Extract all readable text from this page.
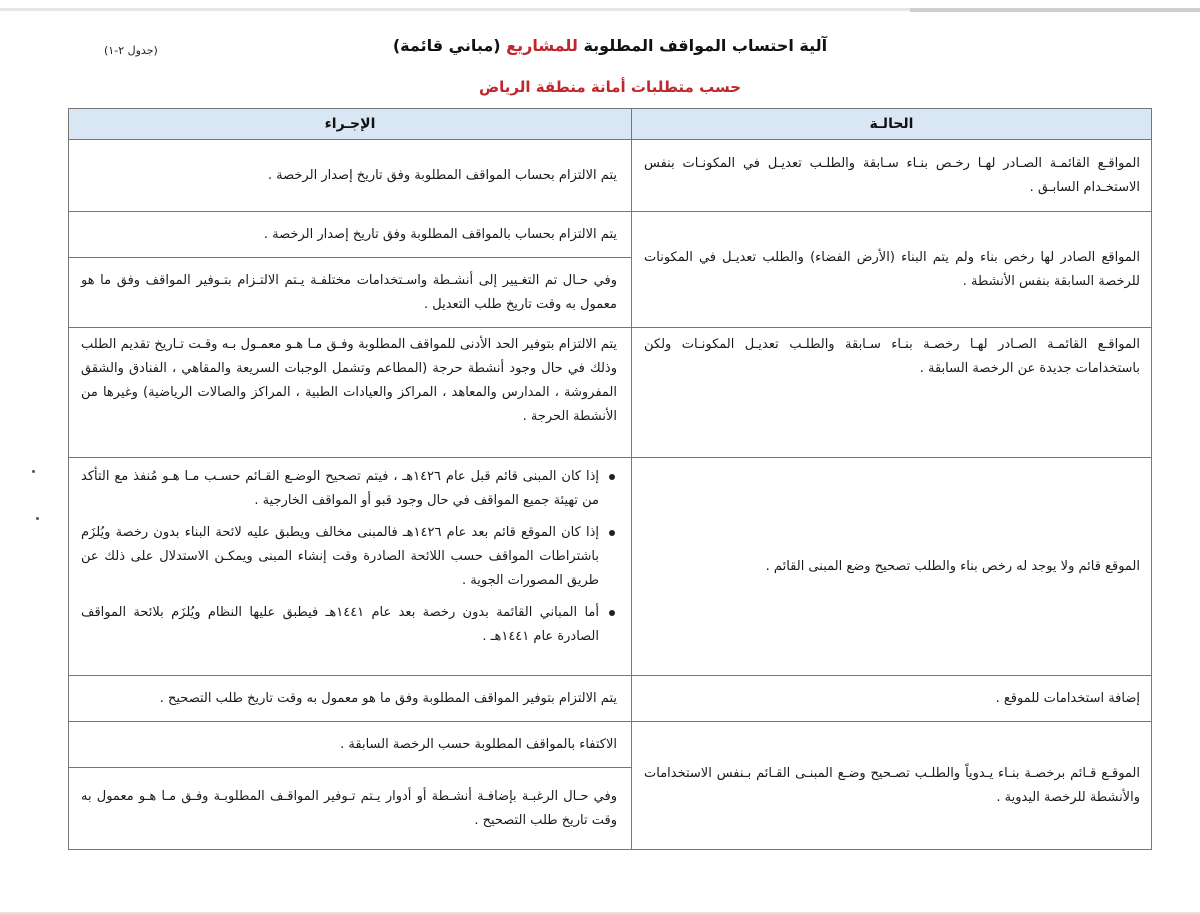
آلية احتساب المواقف المطلوبة للمشاريع (مباني قائمة)
(جدول ٢-١)
حسب متطلبات أمانة منطقة الرياض
الحالـة
الإجـراء
المواقـع القائمـة الصـادر لهـا رخـص بنـاء سـابقة والطلـب تعديـل في المكونـات بنفس الاستخـدام السابـق .
يتم الالتزام بحساب المواقف المطلوبة وفق تاريخ إصدار الرخصة .
المواقع الصادر لها رخص بناء ولم يتم البناء (الأرض الفضاء) والطلب تعديـل في المكونات للرخصة السابقة بنفس الأنشطة .
يتم الالتزام بحساب بالمواقف المطلوبة وفق تاريخ إصدار الرخصة .
وفي حـال تم التغـيير إلى أنشـطة واسـتخدامات مختلفـة يـتم الالتـزام بتـوفير المواقف وفق ما هو معمول به وقت تاريخ طلب التعديل .
المواقـع القائمـة الصـادر لهـا رخصـة بنـاء سـابقة والطلـب تعديـل المكونـات ولكن باستخدامات جديدة عن الرخصة السابقة .
يتم الالتزام بتوفير الحد الأدنى للمواقف المطلوبة وفـق مـا هـو معمـول بـه وقـت تـاريخ تقديم الطلب وذلك في حال وجود أنشطة حرجة (المطاعم وتشمل الوجبات السريعة والمقاهي ، الفنادق والشقق المفروشة ، المدارس والمعاهد ، المراكز والعيادات الطبية ، المراكز والصالات الرياضية) وغيرها من الأنشطة الحرجة .
الموقع قائم ولا يوجد له رخص بناء والطلب تصحيح وضع المبنى القائم .
إذا كان المبنى قائم قبل عام ١٤٢٦هـ ، فيتم تصحيح الوضـع القـائم حسـب مـا هـو مُنفذ مع التأكد من تهيئة جميع المواقف في حال وجود قبو أو المواقف الخارجية .
إذا كان الموقع قائم بعد عام ١٤٢٦هـ فالمبنى مخالف ويطبق عليه لائحة البناء بدون رخصة ويُلزَم باشتراطات المواقف حسب اللائحة الصادرة وقت إنشاء المبنى ويمكـن الاستدلال على ذلك عن طريق المصورات الجوية .
أما المباني القائمة بدون رخصة بعد عام ١٤٤١هـ فيطبق عليها النظام ويُلزَم بلائحة المواقف الصادرة عام ١٤٤١هـ .
إضافة استخدامات للموقع .
يتم الالتزام بتوفير المواقف المطلوبة وفق ما هو معمول به وقت تاريخ طلب التصحيح .
الموقـع قـائم برخصـة بنـاء يـدوياً والطلـب تصـحيح وضـع المبنـى القـائم بـنفس الاستخدامات والأنشطة للرخصة اليدوية .
الاكتفاء بالمواقف المطلوبة حسب الرخصة السابقة .
وفي حـال الرغبـة بإضافـة أنشـطة أو أدوار يـتم تـوفير المواقـف المطلوبـة وفـق مـا هـو معمول به وقت تاريخ طلب التصحيح .
